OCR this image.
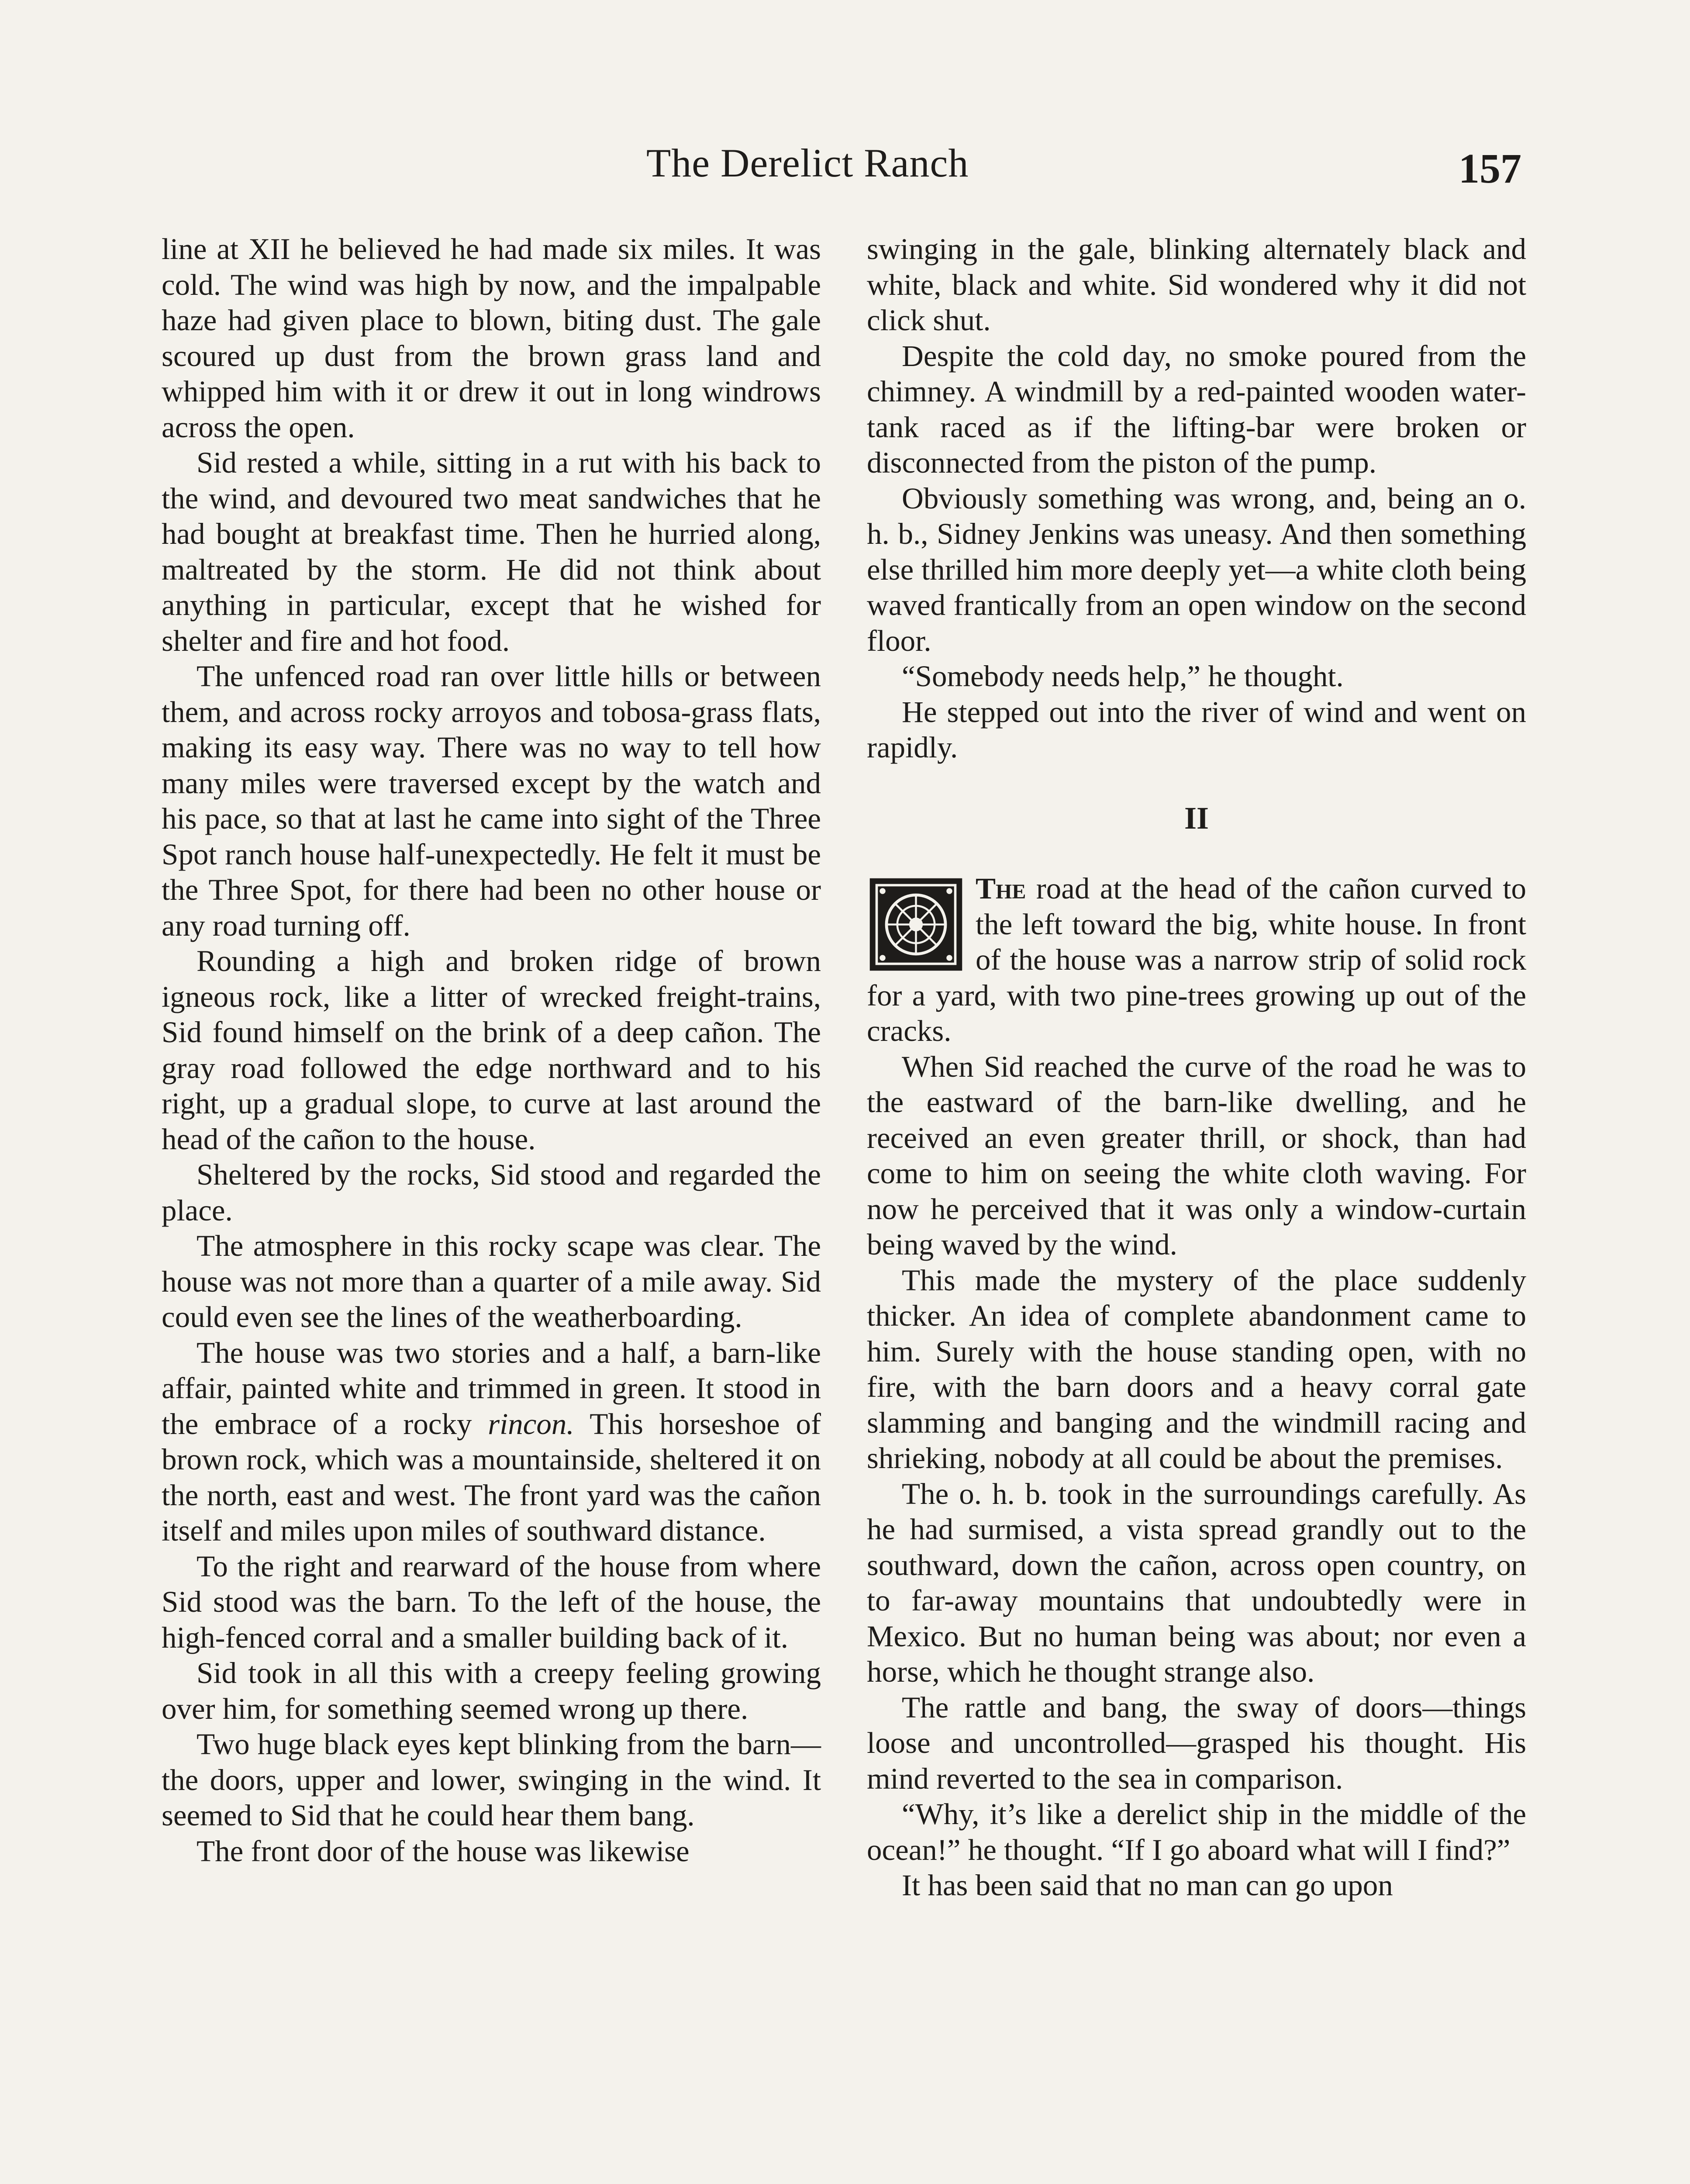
The Derelict Ranch	157

line at XII he believed he had made six miles. It was cold. The wind was high by now, and the impalpable haze had given place to blown, biting dust. The gale scoured up dust from the brown grass land and whipped him with it or drew it out in long windrows across the open.

Sid rested a while, sitting in a rut with his back to the wind, and devoured two meat sandwiches that he had bought at breakfast time. Then he hurried along, maltreated by the storm. He did not think about anything in particular, except that he wished for shelter and fire and hot food.

The unfenced road ran over little hills or between them, and across rocky arroyos and tobosa-grass flats, making its easy way. There was no way to tell how many miles were traversed except by the watch and his pace, so that at last he came into sight of the Three Spot ranch house half-unexpectedly. He felt it must be the Three Spot, for there had been no other house or any road turning off.

Rounding a high and broken ridge of brown igneous rock, like a litter of wrecked freight-trains, Sid found himself on the brink of a deep cañon. The gray road followed the edge northward and to his right, up a gradual slope, to curve at last around the head of the cañon to the house.

Sheltered by the rocks, Sid stood and regarded the place.

The atmosphere in this rocky scape was clear. The house was not more than a quarter of a mile away. Sid could even see the lines of the weatherboarding.

The house was two stories and a half, a barn-like affair, painted white and trimmed in green. It stood in the embrace of a rocky rincon. This horseshoe of brown rock, which was a mountainside, sheltered it on the north, east and west. The front yard was the cañon itself and miles upon miles of southward distance.

To the right and rearward of the house from where Sid stood was the barn. To the left of the house, the high-fenced corral and a smaller building back of it.

Sid took in all this with a creepy feeling growing over him, for something seemed wrong up there.

Two huge black eyes kept blinking from the barn—the doors, upper and lower, swinging in the wind. It seemed to Sid that he could hear them bang.

The front door of the house was likewise

swinging in the gale, blinking alternately black and white, black and white. Sid wondered why it did not click shut.

Despite the cold day, no smoke poured from the chimney. A windmill by a red-painted wooden water-tank raced as if the lifting-bar were broken or disconnected from the piston of the pump.

Obviously something was wrong, and, being an o. h. b., Sidney Jenkins was uneasy. And then something else thrilled him more deeply yet—a white cloth being waved frantically from an open window on the second floor.

“Somebody needs help,” he thought.

He stepped out into the river of wind and went on rapidly.

II

The road at the head of the cañon curved to the left toward the big, white house. In front of the house was a narrow strip of solid rock for a yard, with two pine-trees growing up out of the cracks.

When Sid reached the curve of the road he was to the eastward of the barn-like dwelling, and he received an even greater thrill, or shock, than had come to him on seeing the white cloth waving. For now he perceived that it was only a window-curtain being waved by the wind.

This made the mystery of the place suddenly thicker. An idea of complete abandonment came to him. Surely with the house standing open, with no fire, with the barn doors and a heavy corral gate slamming and banging and the windmill racing and shrieking, nobody at all could be about the premises.

The o. h. b. took in the surroundings carefully. As he had surmised, a vista spread grandly out to the southward, down the cañon, across open country, on to far-away mountains that undoubtedly were in Mexico. But no human being was about; nor even a horse, which he thought strange also.

The rattle and bang, the sway of doors—things loose and uncontrolled—grasped his thought. His mind reverted to the sea in comparison.

“Why, it’s like a derelict ship in the middle of the ocean!” he thought. “If I go aboard what will I find?”

It has been said that no man can go upon
